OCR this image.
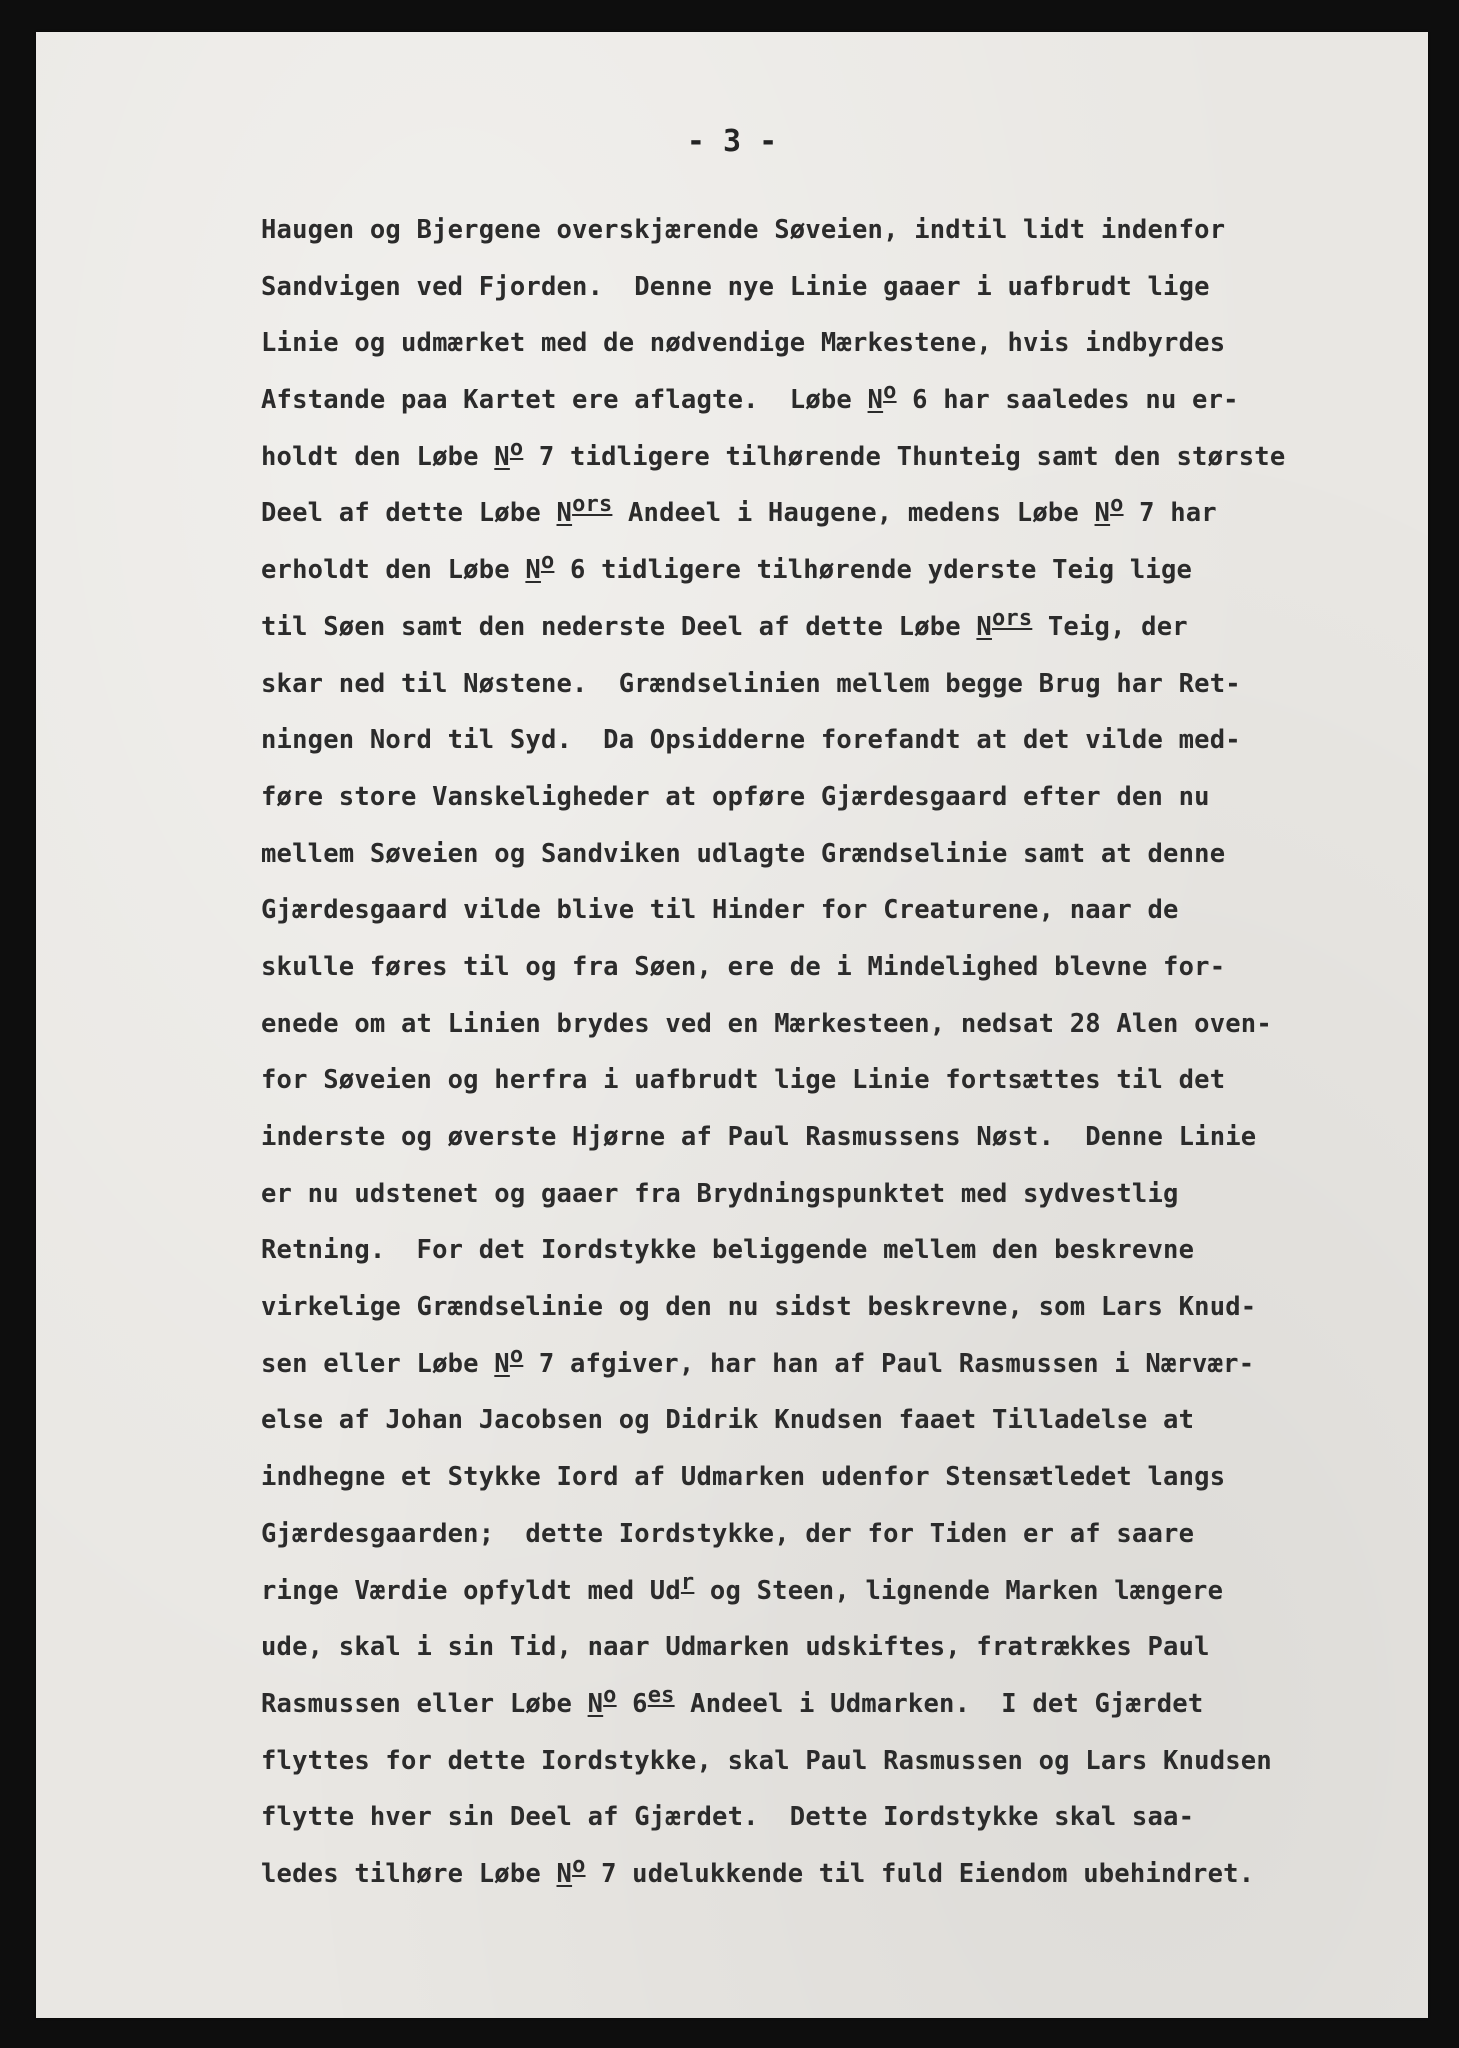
- 3 -
Haugen og Bjergene overskjærende Søveien, indtil lidt indenfor
Sandvigen ved Fjorden.  Denne nye Linie gaaer i uafbrudt lige
Linie og udmærket med de nødvendige Mærkestene, hvis indbyrdes
Afstande paa Kartet ere aflagte.  Løbe No 6 har saaledes nu er-
holdt den Løbe No 7 tidligere tilhørende Thunteig samt den største
Deel af dette Løbe Nors Andeel i Haugene, medens Løbe No 7 har
erholdt den Løbe No 6 tidligere tilhørende yderste Teig lige
til Søen samt den nederste Deel af dette Løbe Nors Teig, der
skar ned til Nøstene.  Grændselinien mellem begge Brug har Ret-
ningen Nord til Syd.  Da Opsidderne forefandt at det vilde med-
føre store Vanskeligheder at opføre Gjærdesgaard efter den nu
mellem Søveien og Sandviken udlagte Grændselinie samt at denne
Gjærdesgaard vilde blive til Hinder for Creaturene, naar de
skulle føres til og fra Søen, ere de i Mindelighed blevne for-
enede om at Linien brydes ved en Mærkesteen, nedsat 28 Alen oven-
for Søveien og herfra i uafbrudt lige Linie fortsættes til det
inderste og øverste Hjørne af Paul Rasmussens Nøst.  Denne Linie
er nu udstenet og gaaer fra Brydningspunktet med sydvestlig
Retning.  For det Iordstykke beliggende mellem den beskrevne
virkelige Grændselinie og den nu sidst beskrevne, som Lars Knud-
sen eller Løbe No 7 afgiver, har han af Paul Rasmussen i Nærvær-
else af Johan Jacobsen og Didrik Knudsen faaet Tilladelse at
indhegne et Stykke Iord af Udmarken udenfor Stensætledet langs
Gjærdesgaarden;  dette Iordstykke, der for Tiden er af saare
ringe Værdie opfyldt med Udr og Steen, lignende Marken længere
ude, skal i sin Tid, naar Udmarken udskiftes, fratrækkes Paul
Rasmussen eller Løbe No 6es Andeel i Udmarken.  I det Gjærdet
flyttes for dette Iordstykke, skal Paul Rasmussen og Lars Knudsen
flytte hver sin Deel af Gjærdet.  Dette Iordstykke skal saa-
ledes tilhøre Løbe No 7 udelukkende til fuld Eiendom ubehindret.
